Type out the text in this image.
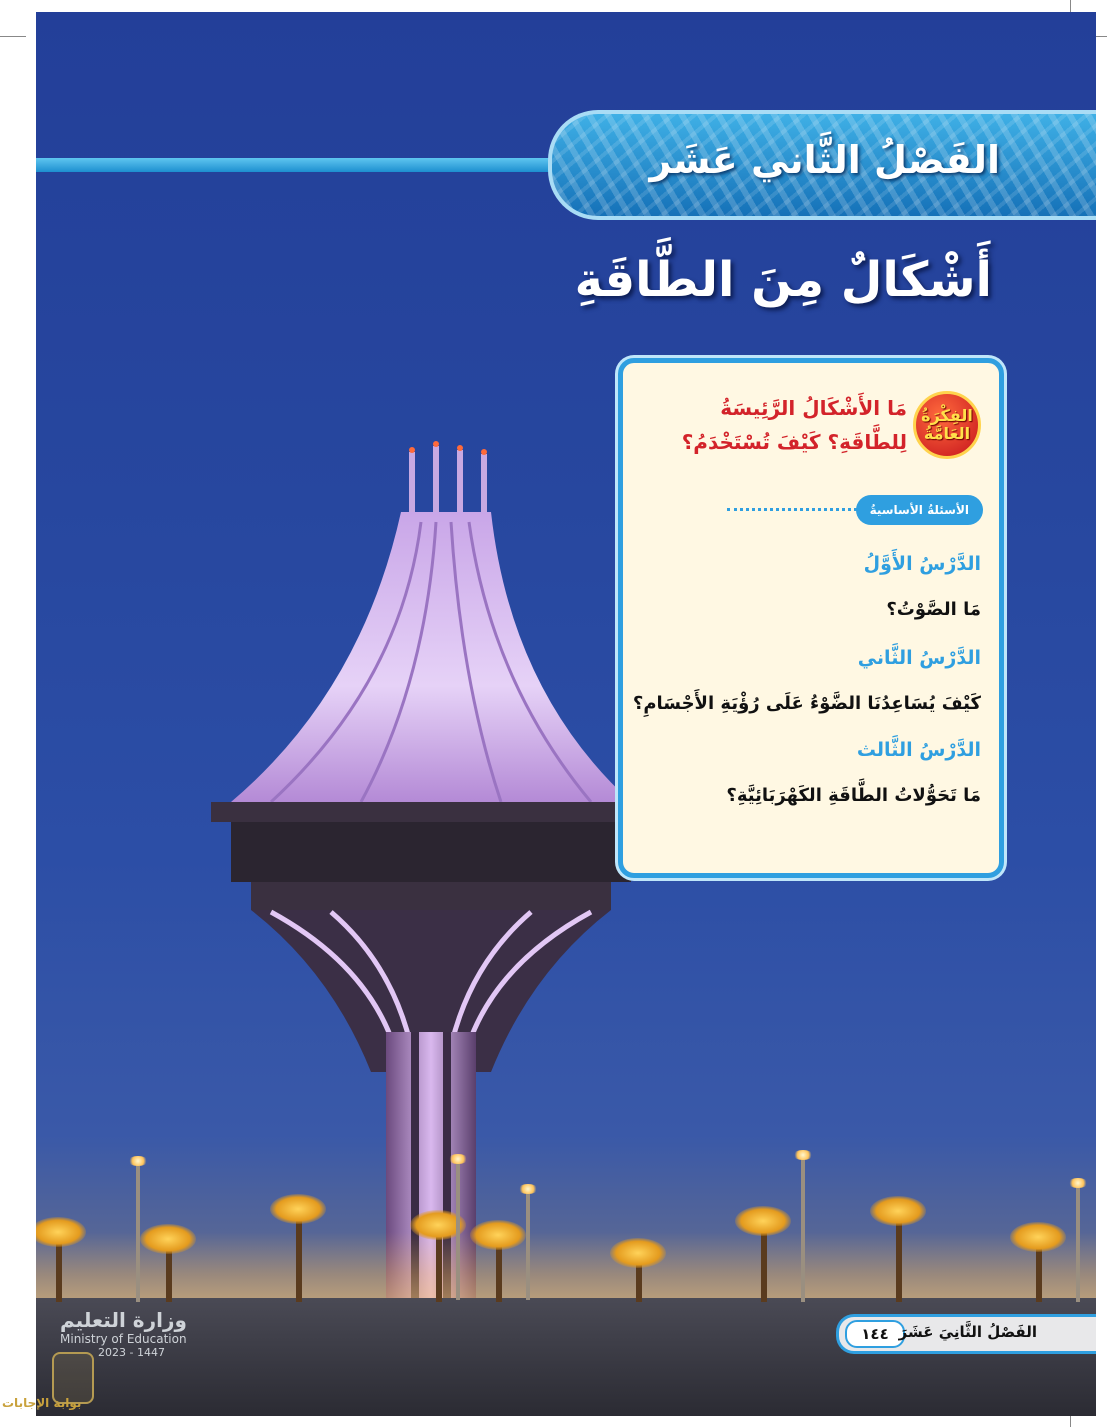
الفَصْلُ الثَّاني عَشَر
أَشْكَالٌ مِنَ الطَّاقَةِ
الفِكْرَةُ
العَامَّةُ
مَا الأَشْكَالُ الرَّئِيسَةُ لِلطَّاقَةِ؟ كَيْفَ تُسْتَخْدَمُ؟
الأسئلةُ الأساسيةُ
الدَّرْسُ الأَوَّلُ
مَا الصَّوْتُ؟
الدَّرْسُ الثَّاني
كَيْفَ يُسَاعِدُنَا الضَّوْءُ عَلَى رُؤْيَةِ الأَجْسَامِ؟
الدَّرْسُ الثَّالث
مَا تَحَوُّلاتُ الطَّاقَةِ الكَهْرَبَائِيَّةِ؟
١٤٤ الفَصْلُ الثَّانِيَ عَشَرَ
وزارة التعليم
Ministry of Education
2023 - 1447
بوابة الإجابات
